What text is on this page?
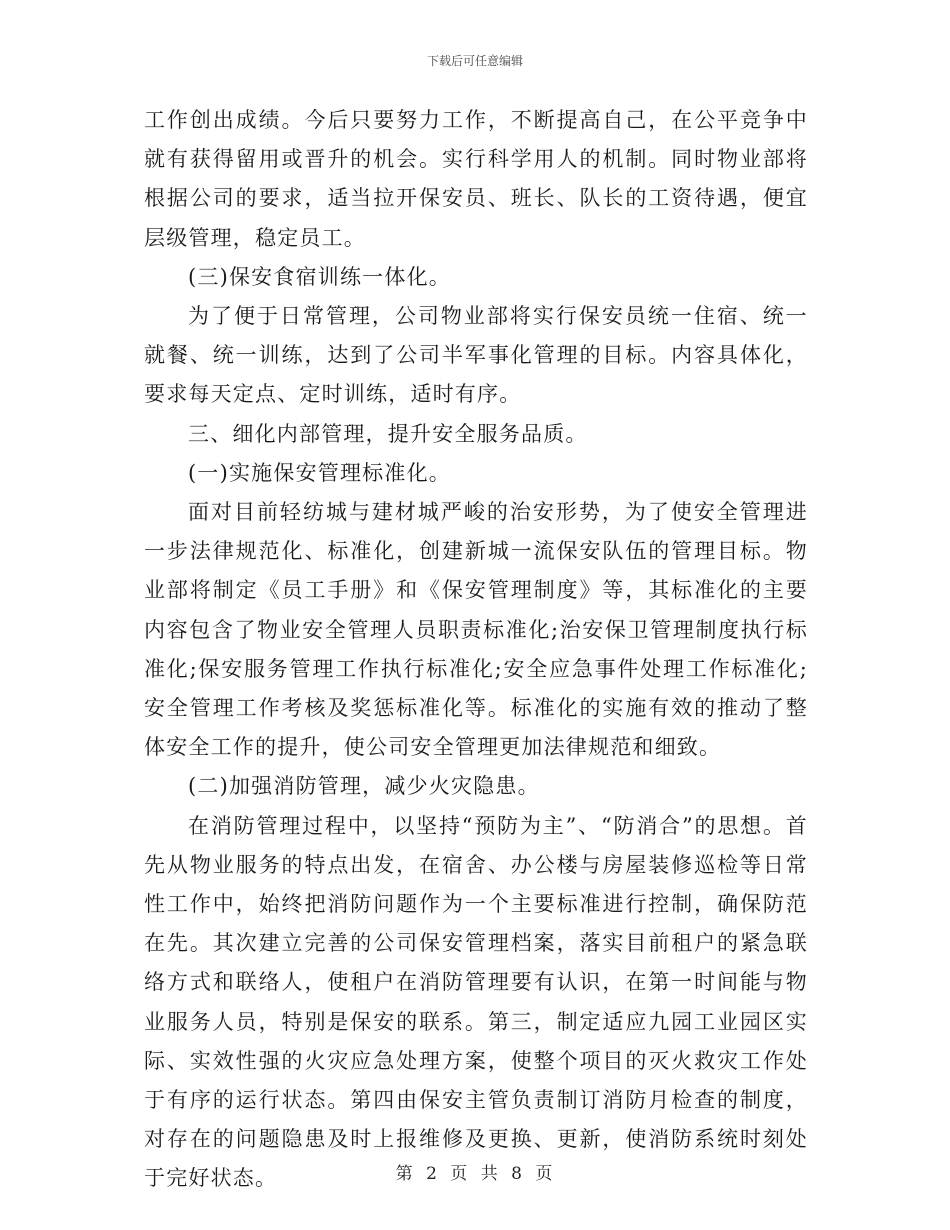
下载后可任意编辑

工作创出成绩。今后只要努力工作，不断提高自己，在公平竞争中就有获得留用或晋升的机会。实行科学用人的机制。同时物业部将根据公司的要求，适当拉开保安员、班长、队长的工资待遇，便宜层级管理，稳定员工。

(三)保安食宿训练一体化。

为了便于日常管理，公司物业部将实行保安员统一住宿、统一就餐、统一训练，达到了公司半军事化管理的目标。内容具体化，要求每天定点、定时训练，适时有序。

三、细化内部管理，提升安全服务品质。

(一)实施保安管理标准化。

面对目前轻纺城与建材城严峻的治安形势，为了使安全管理进一步法律规范化、标准化，创建新城一流保安队伍的管理目标。物业部将制定《员工手册》和《保安管理制度》等，其标准化的主要内容包含了物业安全管理人员职责标准化;治安保卫管理制度执行标准化;保安服务管理工作执行标准化;安全应急事件处理工作标准化;安全管理工作考核及奖惩标准化等。标准化的实施有效的推动了整体安全工作的提升，使公司安全管理更加法律规范和细致。

(二)加强消防管理，减少火灾隐患。

在消防管理过程中，以坚持“预防为主”、“防消合”的思想。首先从物业服务的特点出发，在宿舍、办公楼与房屋装修巡检等日常性工作中，始终把消防问题作为一个主要标准进行控制，确保防范在先。其次建立完善的公司保安管理档案，落实目前租户的紧急联络方式和联络人，使租户在消防管理要有认识，在第一时间能与物业服务人员，特别是保安的联系。第三，制定适应九园工业园区实际、实效性强的火灾应急处理方案，使整个项目的灭火救灾工作处于有序的运行状态。第四由保安主管负责制订消防月检查的制度，对存在的问题隐患及时上报维修及更换、更新，使消防系统时刻处于完好状态。	第 2 页 共 8 页
